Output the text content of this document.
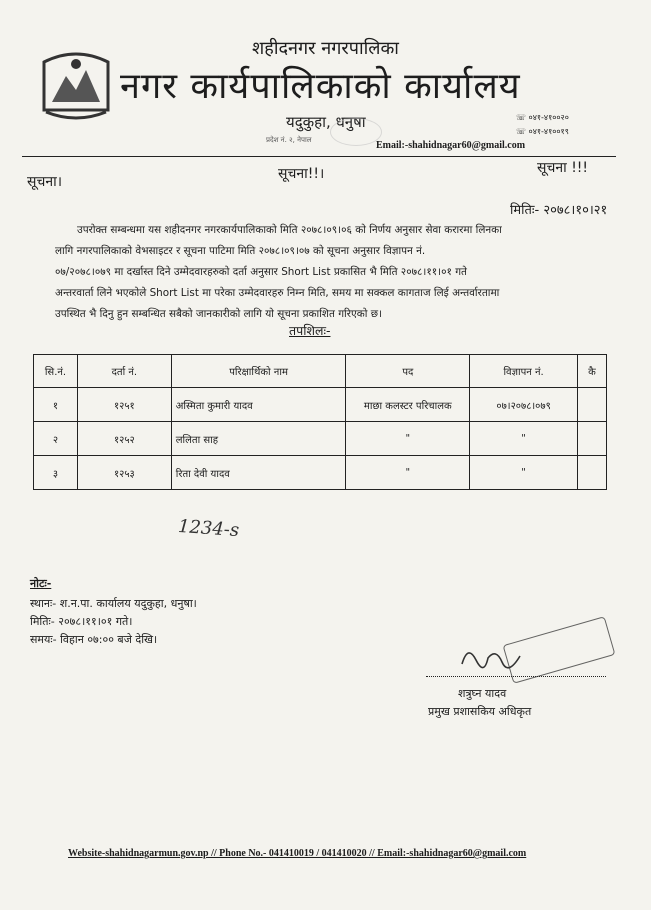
शहीदनगर नगरपालिका
नगर कार्यपालिकाको कार्यालय
यदुकुहा, धनुषा
प्रदेश नं. २, नेपाल
☏ ०४१-४१००२०
☏ ०४१-४१००१९
Email:-shahidnagar60@gmail.com
सूचना।	सूचना!!।	सूचना !!!
मितिः- २०७८।१०।२१
उपरोक्त सम्बन्धमा यस शहीदनगर नगरकार्यपालिकाको मिति २०७८।०९।०६ को निर्णय अनुसार सेवा करारमा लिनका
लागि नगरपालिकाको वेभसाइटर र सूचना पाटिमा मिति २०७८।०९।०७ को सूचना अनुसार विज्ञापन नं.
०७/२०७८।०७९ मा दर्खास्त दिने उम्मेदवारहरुको दर्ता अनुसार Short List प्रकासित भै मिति २०७८।११।०१ गते
अन्तरवार्ता लिने भएकोले Short List मा परेका उम्मेदवारहरु निम्न मिति, समय मा सक्कल कागताज लिई अन्तर्वारतामा
उपस्थित भै दिनु हुन सम्बन्धित सबैको जानकारीको लागि यो सूचना प्रकाशित गरिएको छ।
तपशिलः-
सि.नं.	दर्ता नं.	परिक्षार्थिको नाम	पद	विज्ञापन नं.	कै
१	१२५१	अस्मिता कुमारी यादव	माछा कलस्टर परिचालक	०७।२०७८।०७९	
२	१२५२	ललिता साह	"	"	
३	१२५३	रिता देवी यादव	"	"	
1234-s
नोटः-
स्थानः- श.न.पा. कार्यालय यदुकुहा, धनुषा।
मितिः- २०७८।११।०१ गते।
समयः- विहान ०७:०० बजे देखि।
शत्रुघ्न यादव
प्रमुख प्रशासकिय अधिकृत
Website-shahidnagarmun.gov.np // Phone No.- 041410019 / 041410020 // Email:-shahidnagar60@gmail.com
